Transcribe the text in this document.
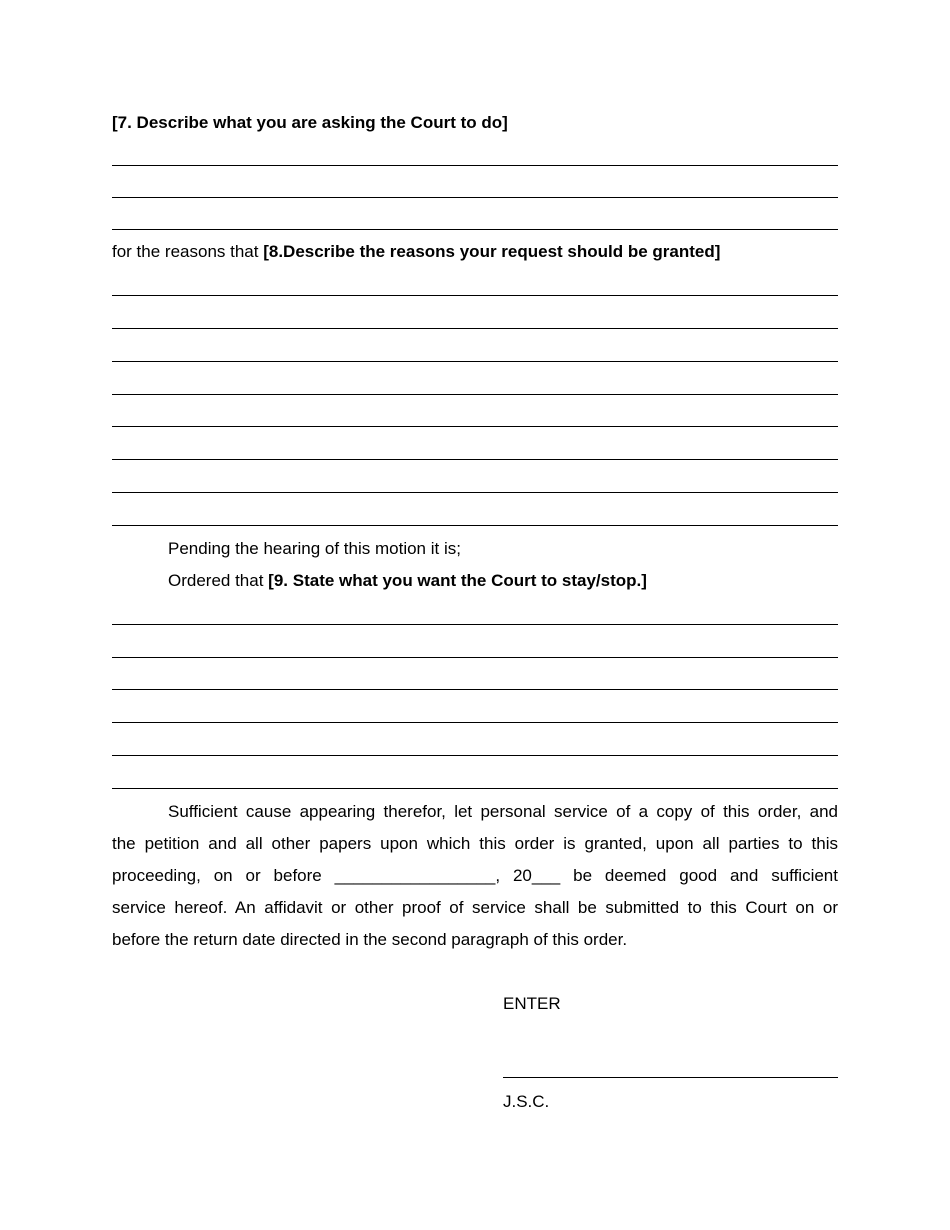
[7. Describe what you are asking the Court to do]
for the reasons that [8.Describe the reasons your request should be granted]
Pending the hearing of this motion it is;
Ordered that [9. State what you want the Court to stay/stop.]
Sufficient cause appearing therefor, let personal service of a copy of this order, and
the petition and all other papers upon which this order is granted, upon all parties to this
proceeding, on or before _________________, 20___ be deemed good and sufficient
service hereof. An affidavit or other proof of service shall be submitted to this Court on or
before the return date directed in the second paragraph of this order.
ENTER
J.S.C.
